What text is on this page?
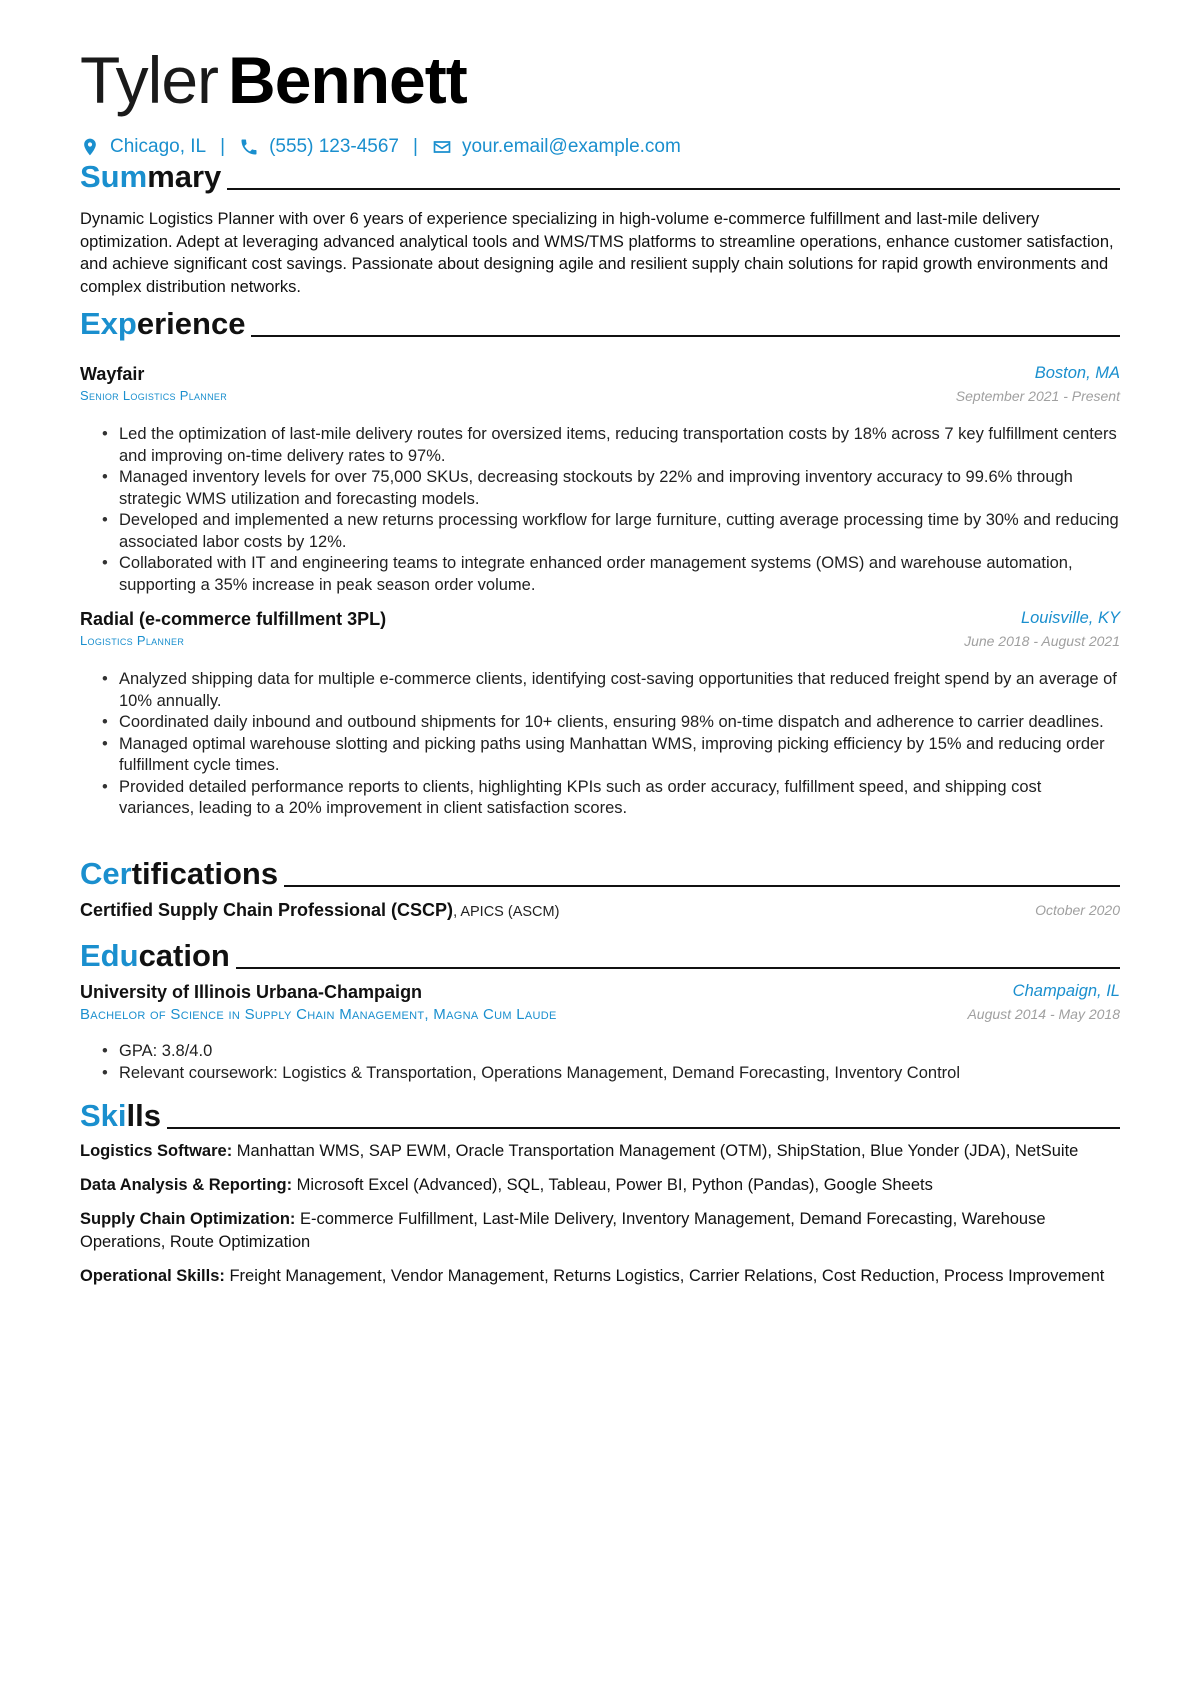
Tyler Bennett
Chicago, IL | (555) 123-4567 | your.email@example.com
Summary
Dynamic Logistics Planner with over 6 years of experience specializing in high-volume e-commerce fulfillment and last-mile delivery optimization. Adept at leveraging advanced analytical tools and WMS/TMS platforms to streamline operations, enhance customer satisfaction, and achieve significant cost savings. Passionate about designing agile and resilient supply chain solutions for rapid growth environments and complex distribution networks.
Experience
Wayfair	Boston, MA
Senior Logistics Planner	September 2021 - Present
• Led the optimization of last-mile delivery routes for oversized items, reducing transportation costs by 18% across 7 key fulfillment centers and improving on-time delivery rates to 97%.
• Managed inventory levels for over 75,000 SKUs, decreasing stockouts by 22% and improving inventory accuracy to 99.6% through strategic WMS utilization and forecasting models.
• Developed and implemented a new returns processing workflow for large furniture, cutting average processing time by 30% and reducing associated labor costs by 12%.
• Collaborated with IT and engineering teams to integrate enhanced order management systems (OMS) and warehouse automation, supporting a 35% increase in peak season order volume.
Radial (e-commerce fulfillment 3PL)	Louisville, KY
Logistics Planner	June 2018 - August 2021
• Analyzed shipping data for multiple e-commerce clients, identifying cost-saving opportunities that reduced freight spend by an average of 10% annually.
• Coordinated daily inbound and outbound shipments for 10+ clients, ensuring 98% on-time dispatch and adherence to carrier deadlines.
• Managed optimal warehouse slotting and picking paths using Manhattan WMS, improving picking efficiency by 15% and reducing order fulfillment cycle times.
• Provided detailed performance reports to clients, highlighting KPIs such as order accuracy, fulfillment speed, and shipping cost variances, leading to a 20% improvement in client satisfaction scores.
Certifications
Certified Supply Chain Professional (CSCP), APICS (ASCM)	October 2020
Education
University of Illinois Urbana-Champaign	Champaign, IL
Bachelor of Science in Supply Chain Management, Magna Cum Laude	August 2014 - May 2018
• GPA: 3.8/4.0
• Relevant coursework: Logistics & Transportation, Operations Management, Demand Forecasting, Inventory Control
Skills
Logistics Software: Manhattan WMS, SAP EWM, Oracle Transportation Management (OTM), ShipStation, Blue Yonder (JDA), NetSuite
Data Analysis & Reporting: Microsoft Excel (Advanced), SQL, Tableau, Power BI, Python (Pandas), Google Sheets
Supply Chain Optimization: E-commerce Fulfillment, Last-Mile Delivery, Inventory Management, Demand Forecasting, Warehouse Operations, Route Optimization
Operational Skills: Freight Management, Vendor Management, Returns Logistics, Carrier Relations, Cost Reduction, Process Improvement
